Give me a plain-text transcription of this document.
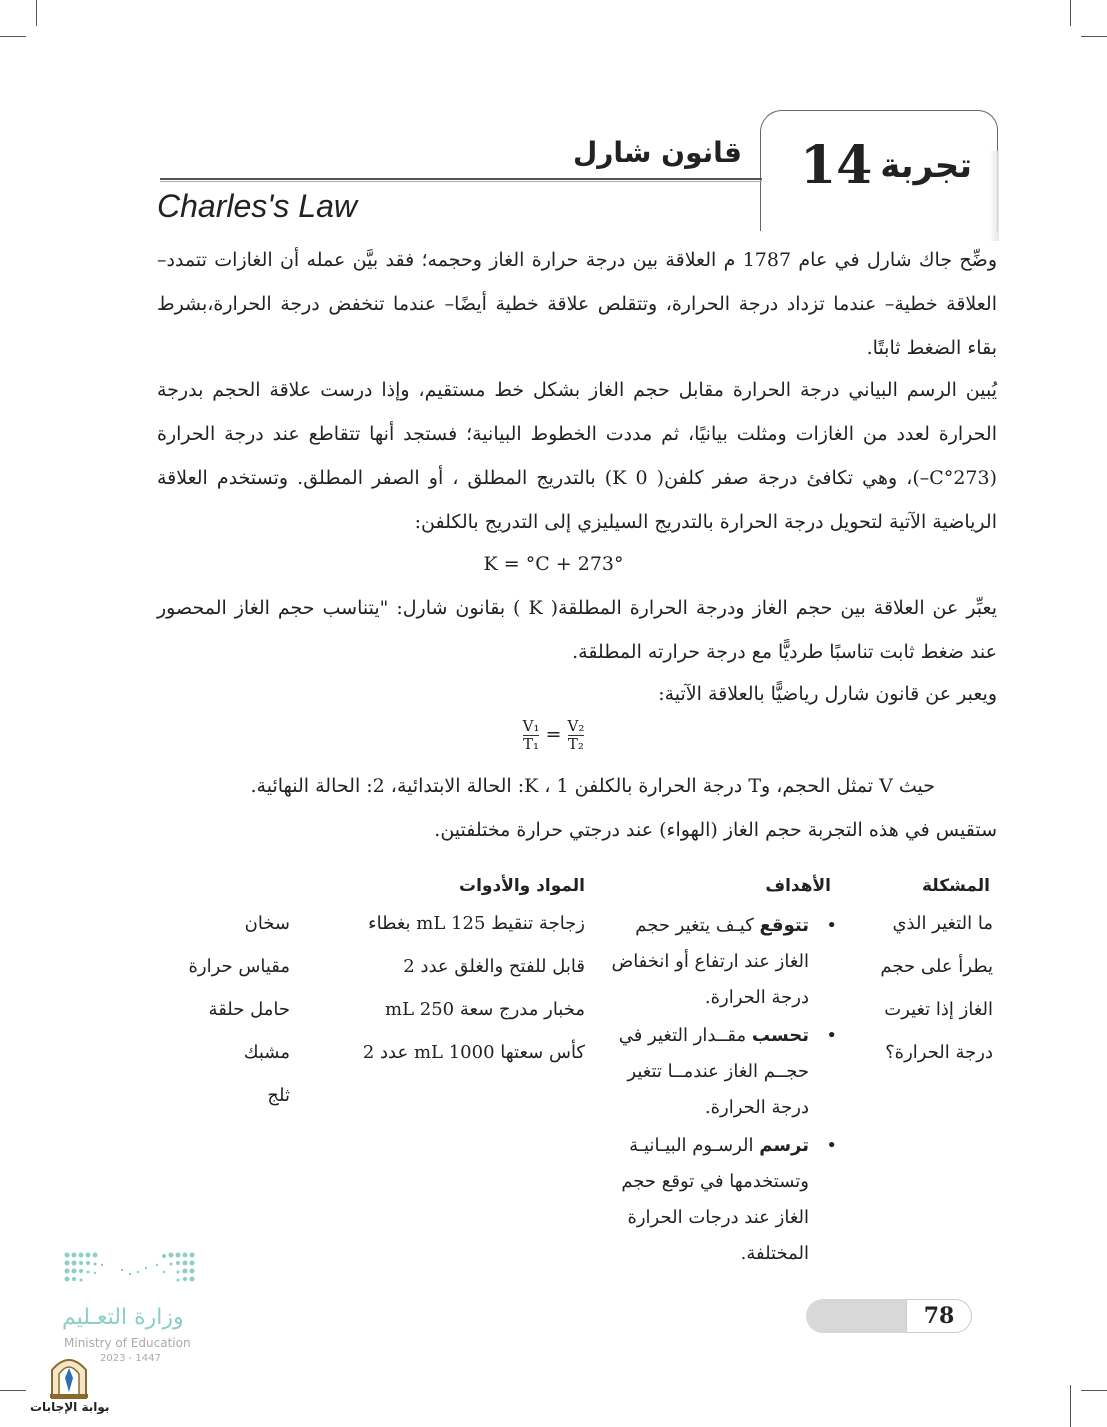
تجربة
14
قانون شارل
Charles's Law
وضِّح جاك شارل في عام 1787 م العلاقة بين درجة حرارة الغاز وحجمه؛ فقد بيَّن عمله أن الغازات تتمدد– العلاقة خطية– عندما تزداد درجة الحرارة، وتتقلص علاقة خطية أيضًا– عندما تنخفض درجة الحرارة،بشرط بقاء الضغط ثابتًا.
يُبين الرسم البياني درجة الحرارة مقابل حجم الغاز بشكل خط مستقيم، وإذا درست علاقة الحجم بدرجة الحرارة لعدد من الغازات ومثلت بيانيًا، ثم مددت الخطوط البيانية؛ فستجد أنها تتقاطع عند درجة الحرارة (273°C–)، وهي تكافئ درجة صفر كلفن( K 0) بالتدريج المطلق ، أو الصفر المطلق. وتستخدم العلاقة الرياضية الآتية لتحويل درجة الحرارة بالتدريج السيليزي إلى التدريج بالكلفن:
K = °C + 273°
يعبِّر عن العلاقة بين حجم الغاز ودرجة الحرارة المطلقة( K ) بقانون شارل: "يتناسب حجم الغاز المحصور عند ضغط ثابت تناسبًا طرديًّا مع درجة حرارته المطلقة.
ويعبر عن قانون شارل رياضيًّا بالعلاقة الآتية:
$\frac{\text{V₁}}{\text{T₁}} = \frac{\text{V₂}}{\text{T₂}}$
حيث V تمثل الحجم، وT درجة الحرارة بالكلفن K ، 1: الحالة الابتدائية، 2: الحالة النهائية.
ستقيس في هذه التجربة حجم الغاز (الهواء) عند درجتي حرارة مختلفتين.
المشكلة
الأهداف
المواد والأدوات
ما التغير الذي
يطرأ على حجم
الغاز إذا تغيرت
درجة الحرارة؟
•
تتوقع كيـف يتغير حجم الغاز عند ارتفاع أو انخفاض درجة الحرارة.
•
تحسب مقــدار التغير في حجــم الغاز عندمــا تتغير درجة الحرارة.
•
ترسم الرسـوم البيـانيـة وتستخدمها في توقع حجم الغاز عند درجات الحرارة المختلفة.
زجاجة تنقيط 125 mL بغطاء
قابل للفتح والغلق عدد 2
مخبار مدرج سعة 250 mL
كأس سعتها 1000 mL عدد 2
سخان
مقياس حرارة
حامل حلقة
مشبك
ثلج
وزارة التعـليم
Ministry of Education
2023 - 1447
بوابة الإجابات
78
